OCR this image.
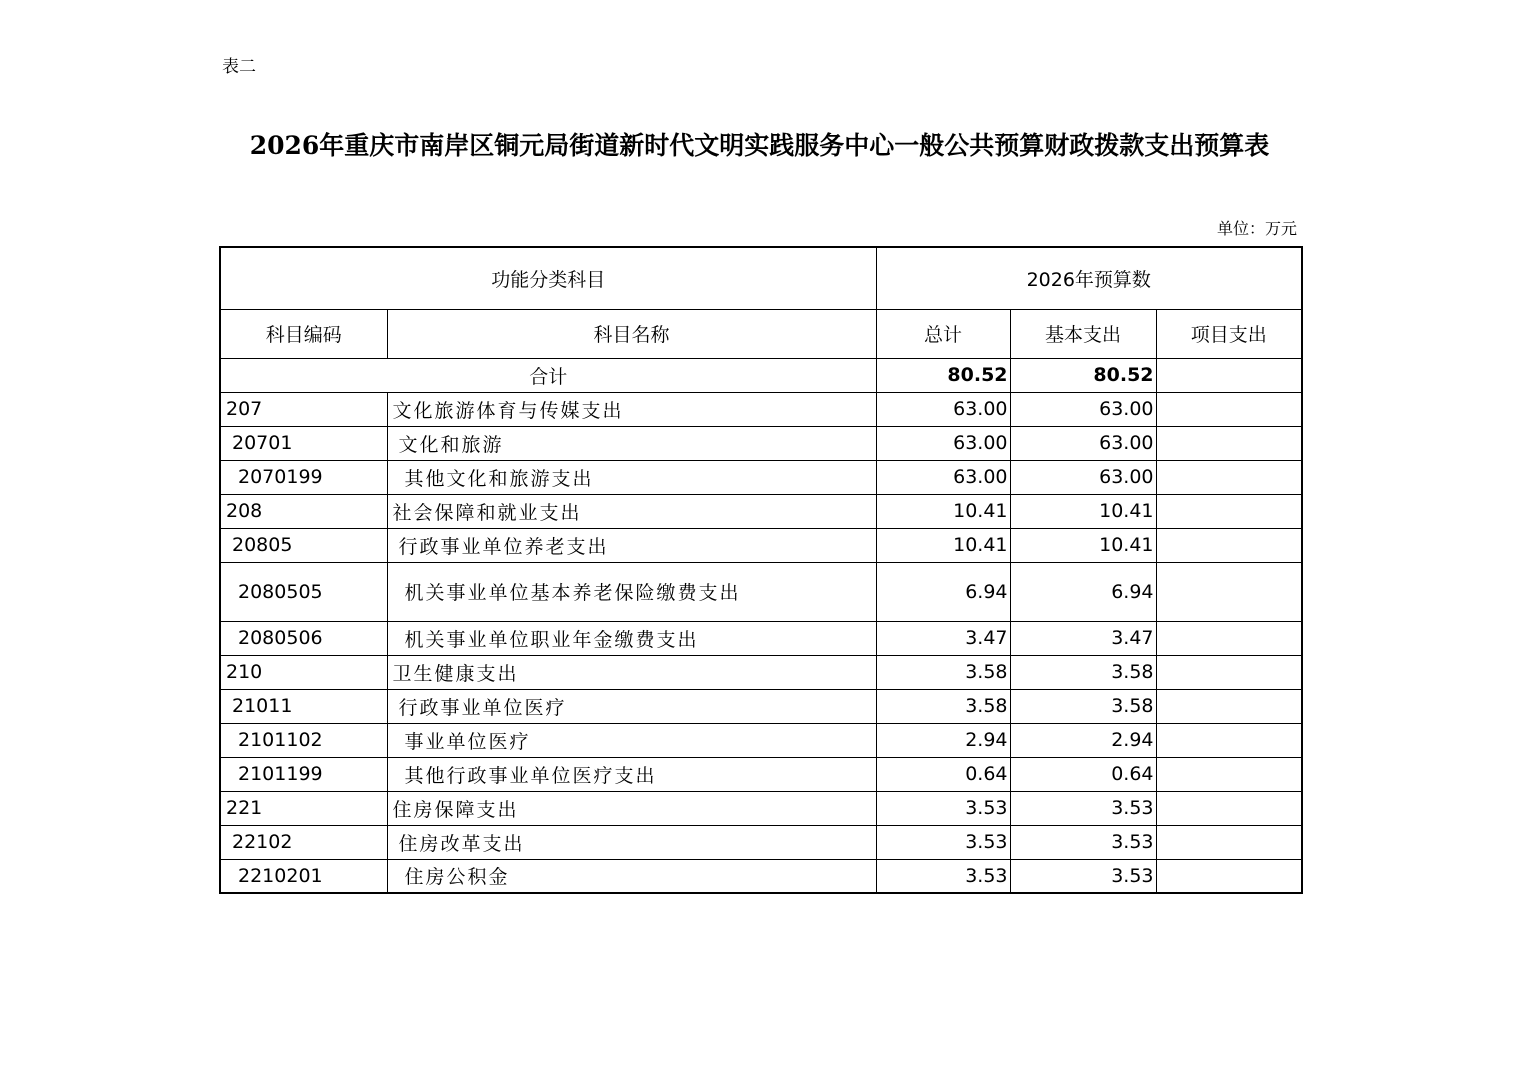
表二
2026年重庆市南岸区铜元局街道新时代文明实践服务中心一般公共预算财政拨款支出预算表
单位：万元
功能分类科目		2026年预算数		
科目编码	科目名称	总计	基本支出	项目支出
合计		80.52	80.52	
207	文化旅游体育与传媒支出	63.00	63.00	
20701	文化和旅游	63.00	63.00	
2070199	其他文化和旅游支出	63.00	63.00	
208	社会保障和就业支出	10.41	10.41	
20805	行政事业单位养老支出	10.41	10.41	
2080505	机关事业单位基本养老保险缴费支出	6.94	6.94	
2080506	机关事业单位职业年金缴费支出	3.47	3.47	
210	卫生健康支出	3.58	3.58	
21011	行政事业单位医疗	3.58	3.58	
2101102	事业单位医疗	2.94	2.94	
2101199	其他行政事业单位医疗支出	0.64	0.64	
221	住房保障支出	3.53	3.53	
22102	住房改革支出	3.53	3.53	
2210201	住房公积金	3.53	3.53	
